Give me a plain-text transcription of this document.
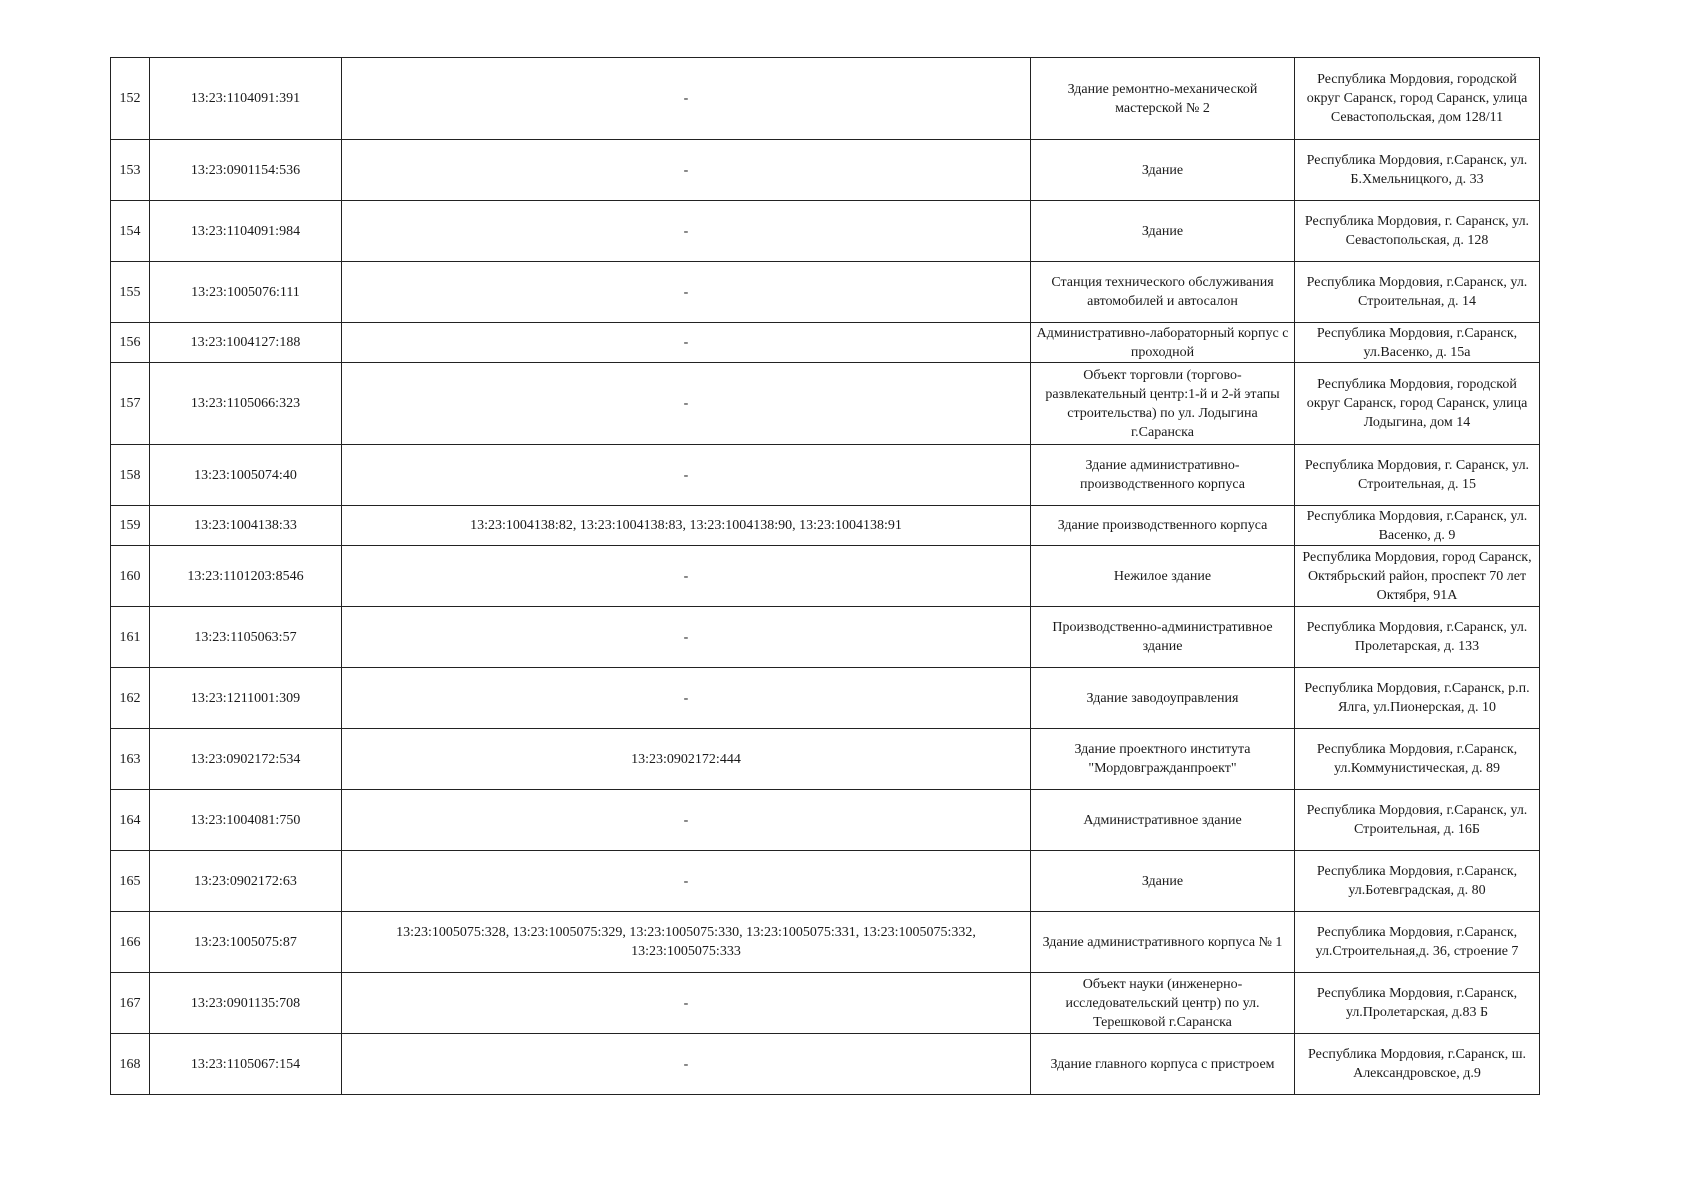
152	13:23:1104091:391	-	Здание ремонтно-механической мастерской № 2	Республика Мордовия, городской округ Саранск, город Саранск, улица Севастопольская, дом 128/11
153	13:23:0901154:536	-	Здание	Республика Мордовия, г.Саранск, ул. Б.Хмельницкого, д. 33
154	13:23:1104091:984	-	Здание	Республика Мордовия, г. Саранск, ул. Севастопольская, д. 128
155	13:23:1005076:111	-	Станция технического обслуживания автомобилей и автосалон	Республика Мордовия, г.Саранск, ул. Строительная, д. 14
156	13:23:1004127:188	-	Административно-лабораторный корпус с проходной	Республика Мордовия, г.Саранск, ул.Васенко, д. 15а
157	13:23:1105066:323	-	Объект торговли (торгово-развлекательный центр:1-й и 2-й этапы строительства) по ул. Лодыгина г.Саранска	Республика Мордовия, городской округ Саранск, город Саранск, улица Лодыгина, дом 14
158	13:23:1005074:40	-	Здание административно-производственного корпуса	Республика Мордовия, г. Саранск, ул. Строительная, д. 15
159	13:23:1004138:33	13:23:1004138:82, 13:23:1004138:83, 13:23:1004138:90, 13:23:1004138:91	Здание производственного корпуса	Республика Мордовия, г.Саранск, ул. Васенко, д. 9
160	13:23:1101203:8546	-	Нежилое здание	Республика Мордовия, город Саранск, Октябрьский район, проспект 70 лет Октября, 91А
161	13:23:1105063:57	-	Производственно-административное здание	Республика Мордовия, г.Саранск, ул. Пролетарская, д. 133
162	13:23:1211001:309	-	Здание заводоуправления	Республика Мордовия, г.Саранск, р.п. Ялга, ул.Пионерская, д. 10
163	13:23:0902172:534	13:23:0902172:444	Здание проектного института "Мордовгражданпроект"	Республика Мордовия, г.Саранск, ул.Коммунистическая, д. 89
164	13:23:1004081:750	-	Административное здание	Республика Мордовия, г.Саранск, ул. Строительная, д. 16Б
165	13:23:0902172:63	-	Здание	Республика Мордовия, г.Саранск, ул.Ботевградская, д. 80
166	13:23:1005075:87	13:23:1005075:328, 13:23:1005075:329, 13:23:1005075:330, 13:23:1005075:331, 13:23:1005075:332, 13:23:1005075:333	Здание административного корпуса № 1	Республика Мордовия, г.Саранск, ул.Строительная,д. 36, строение 7
167	13:23:0901135:708	-	Объект науки (инженерно-исследовательский центр) по ул. Терешковой г.Саранска	Республика Мордовия, г.Саранск, ул.Пролетарская, д.83 Б
168	13:23:1105067:154	-	Здание главного корпуса с пристроем	Республика Мордовия, г.Саранск, ш. Александровское, д.9
